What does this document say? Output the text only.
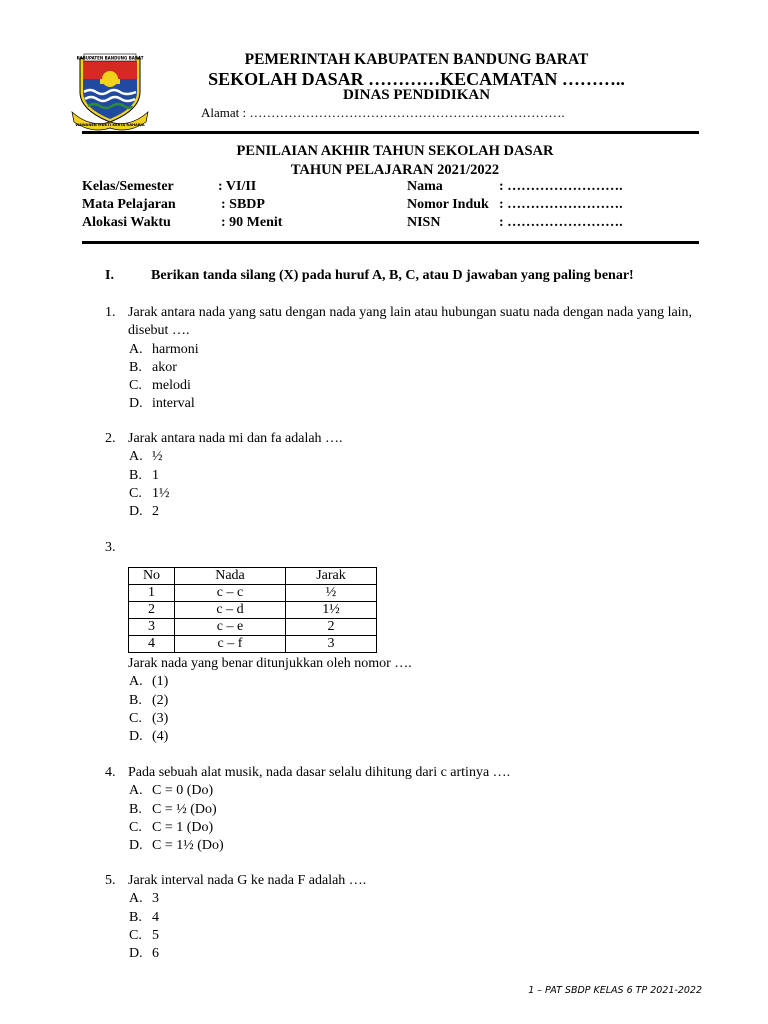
KABUPATEN BANDUNG BARAT
WAWANEN MUKTI KERTA RAHARJA
PEMERINTAH KABUPATEN BANDUNG BARAT
SEKOLAH DASAR …………KECAMATAN ………..
DINAS PENDIDIKAN
Alamat : ……………………………………………………………….
PENILAIAN AKHIR TAHUN SEKOLAH DASAR
TAHUN PELAJARAN 2021/2022
Kelas/Semester	: VI/II	Nama	: …………………….
Mata Pelajaran	: SBDP	Nomor Induk : …………………….
Alokasi Waktu	: 90 Menit	NISN	: …………………….
I.	Berikan tanda silang (X) pada huruf A, B, C, atau D jawaban yang paling benar!
1. Jarak antara nada yang satu dengan nada yang lain atau hubungan suatu nada dengan nada yang lain, disebut ….
A. harmoni
B. akor
C. melodi
D. interval
2. Jarak antara nada mi dan fa adalah ….
A. ½
B. 1
C. 1½
D. 2
3.
No	Nada	Jarak
1	c – c	½
2	c – d	1½
3	c – e	2
4	c – f	3
Jarak nada yang benar ditunjukkan oleh nomor ….
A. (1)
B. (2)
C. (3)
D. (4)
4. Pada sebuah alat musik, nada dasar selalu dihitung dari c artinya ….
A. C = 0 (Do)
B. C = ½ (Do)
C. C = 1 (Do)
D. C = 1½ (Do)
5. Jarak interval nada G ke nada F adalah ….
A. 3
B. 4
C. 5
D. 6
1 – PAT SBDP KELAS 6 TP 2021-2022
